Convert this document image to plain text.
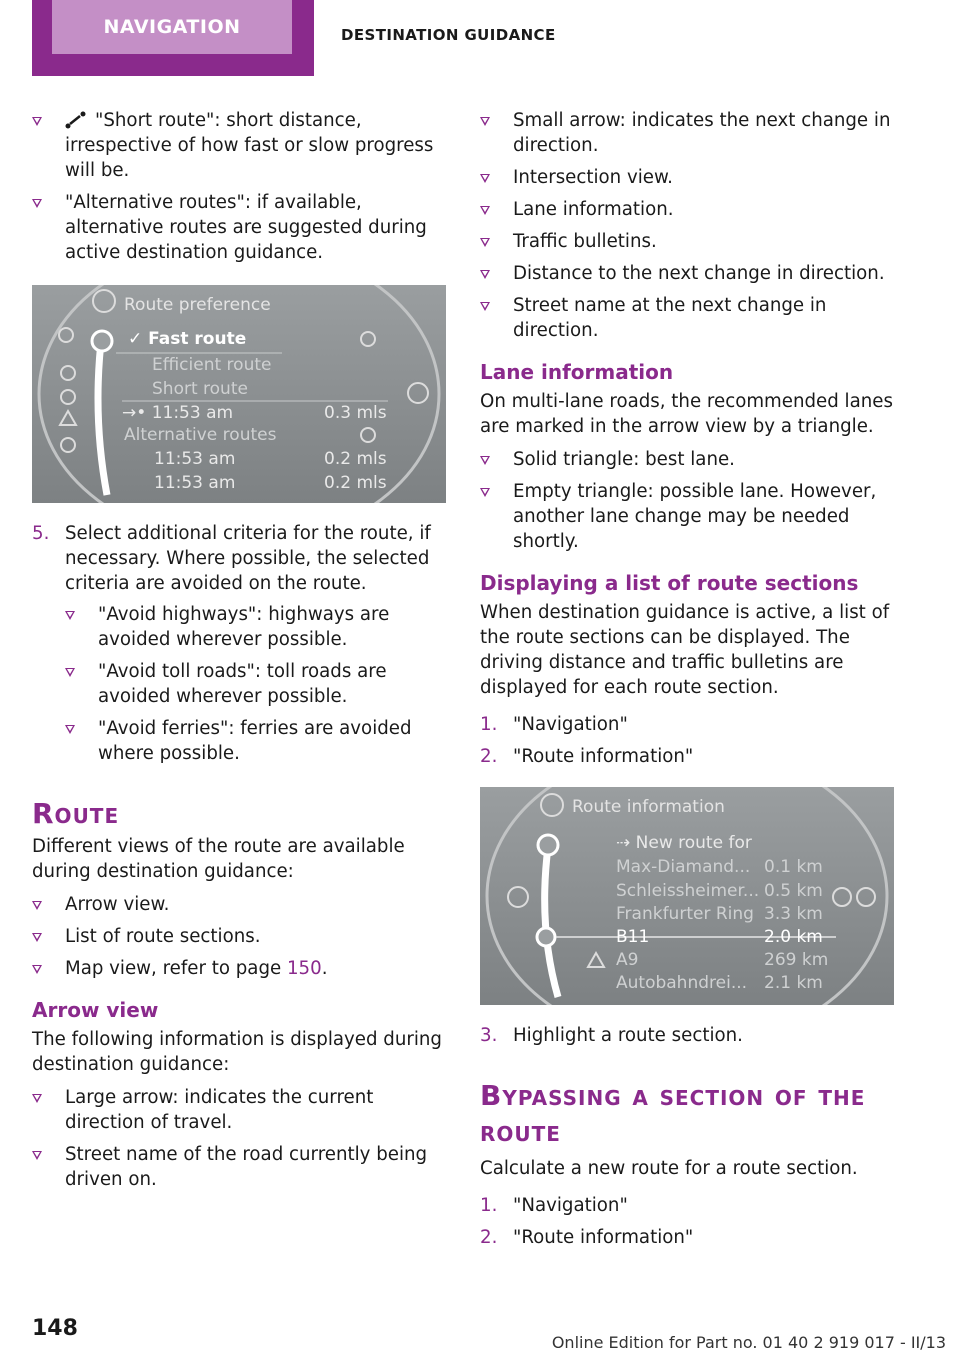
NAVIGATION	DESTINATION GUIDANCE
"Short route": short distance, irrespective of how fast or slow progress will be.
"Alternative routes": if available, alternative routes are suggested during active destination guidance.
Route preference
✓ Fast route
Efficient route
Short route
→• 11:53 am	0.3 mls
Alternative routes
11:53 am	0.2 mls
11:53 am	0.2 mls
5. Select additional criteria for the route, if necessary. Where possible, the selected criteria are avoided on the route.
"Avoid highways": highways are avoided wherever possible.
"Avoid toll roads": toll roads are avoided wherever possible.
"Avoid ferries": ferries are avoided where possible.
Route
Different views of the route are available during destination guidance:
Arrow view.
List of route sections.
Map view, refer to page 150.
Arrow view
The following information is displayed during destination guidance:
Large arrow: indicates the current direction of travel.
Street name of the road currently being driven on.
Small arrow: indicates the next change in direction.
Intersection view.
Lane information.
Traffic bulletins.
Distance to the next change in direction.
Street name at the next change in direction.
Lane information
On multi-lane roads, the recommended lanes are marked in the arrow view by a triangle.
Solid triangle: best lane.
Empty triangle: possible lane. However, another lane change may be needed shortly.
Displaying a list of route sections
When destination guidance is active, a list of the route sections can be displayed. The driving distance and traffic bulletins are displayed for each route section.
1. "Navigation"
2. "Route information"
Route information
⇢ New route for
Max-Diamand... 0.1 km
Schleissheimer... 0.5 km
Frankfurter Ring 3.3 km
B11	2.0 km
A9	269 km
Autobahndrei... 2.1 km
3. Highlight a route section.
Bypassing a section of the route
Calculate a new route for a route section.
1. "Navigation"
2. "Route information"
148
Online Edition for Part no. 01 40 2 919 017 - II/13
